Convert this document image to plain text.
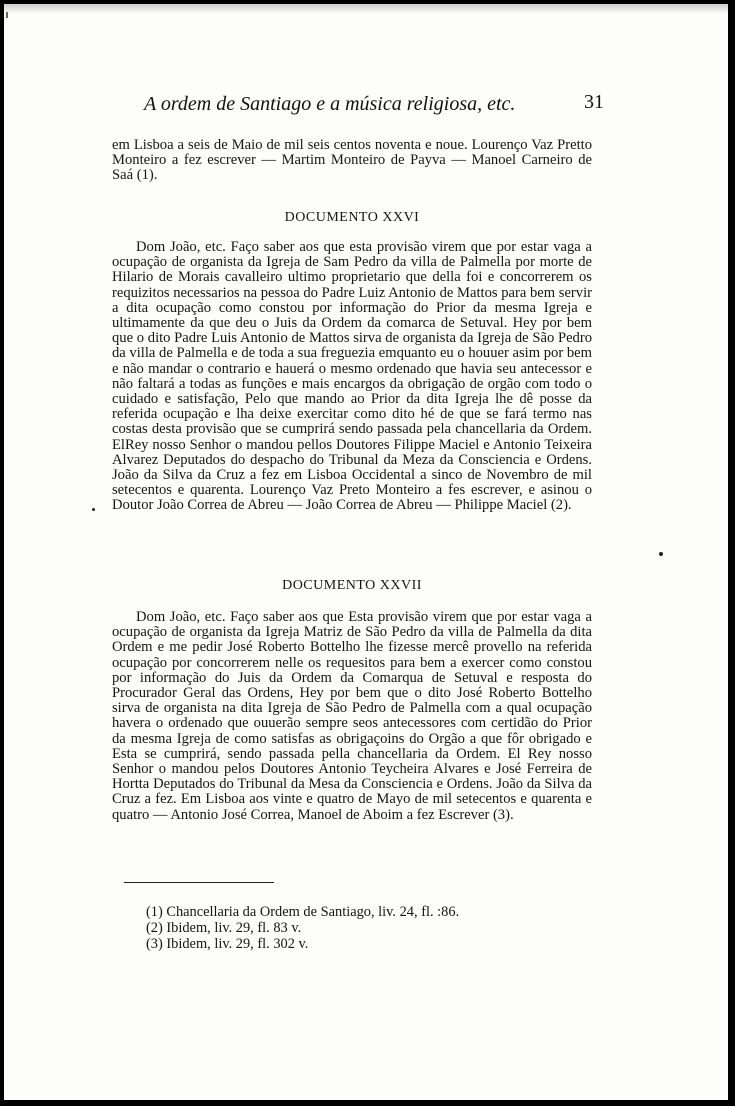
A ordem de Santiago e a música religiosa, etc.	31

em Lisboa a seis de Maio de mil seis centos noventa e noue. Lourenço Vaz Pretto Monteiro a fez escrever — Martim Monteiro de Payva — Manoel Carneiro de Saá (1).

DOCUMENTO XXVI

Dom João, etc. Faço saber aos que esta provisão virem que por estar vaga a ocupação de organista da Igreja de Sam Pedro da villa de Palmella por morte de Hilario de Morais cavalleiro ultimo proprietario que della foi e concorrerem os requizitos necessarios na pessoa do Padre Luiz Antonio de Mattos para bem servir a dita ocupação como constou por informação do Prior da mesma Igreja e ultimamente da que deu o Juis da Ordem da comarca de Setuval. Hey por bem que o dito Padre Luis Antonio de Mattos sirva de organista da Igreja de São Pedro da villa de Palmella e de toda a sua freguezia emquanto eu o houuer asim por bem e não mandar o contrario e hauerá o mesmo ordenado que havia seu antecessor e não faltará a todas as funções e mais encargos da obrigação de orgão com todo o cuidado e satisfação, Pelo que mando ao Prior da dita Igreja lhe dê posse da referida ocupação e lha deixe exercitar como dito hé de que se fará termo nas costas desta provisão que se cumprirá sendo passada pela chancellaria da Ordem. ElRey nosso Senhor o mandou pellos Doutores Filippe Maciel e Antonio Teixeira Alvarez Deputados do despacho do Tribunal da Meza da Consciencia e Ordens. João da Silva da Cruz a fez em Lisboa Occidental a sinco de Novembro de mil setecentos e quarenta. Lourenço Vaz Preto Monteiro a fes escrever, e asinou o Doutor João Correa de Abreu — João Correa de Abreu — Philippe Maciel (2).

DOCUMENTO XXVII

Dom João, etc. Faço saber aos que Esta provisão virem que por estar vaga a ocupação de organista da Igreja Matriz de São Pedro da villa de Palmella da dita Ordem e me pedir José Roberto Bottelho lhe fizesse mercê provello na referida ocupação por concorrerem nelle os requesitos para bem a exercer como constou por informação do Juis da Ordem da Comarqua de Setuval e resposta do Procurador Geral das Ordens, Hey por bem que o dito José Roberto Bottelho sirva de organista na dita Igreja de São Pedro de Palmella com a qual ocupação havera o ordenado que ouuerão sempre seos antecessores com certidão do Prior da mesma Igreja de como satisfas as obrigaçoins do Orgão a que fôr obrigado e Esta se cumprirá, sendo passada pella chancellaria da Ordem. El Rey nosso Senhor o mandou pelos Doutores Antonio Teycheira Alvares e José Ferreira de Hortta Deputados do Tribunal da Mesa da Consciencia e Ordens. João da Silva da Cruz a fez. Em Lisboa aos vinte e quatro de Mayo de mil setecentos e quarenta e quatro — Antonio José Correa, Manoel de Aboim a fez Escrever (3).

(1) Chancellaria da Ordem de Santiago, liv. 24, fl. :86.
(2) Ibidem, liv. 29, fl. 83 v.
(3) Ibidem, liv. 29, fl. 302 v.
